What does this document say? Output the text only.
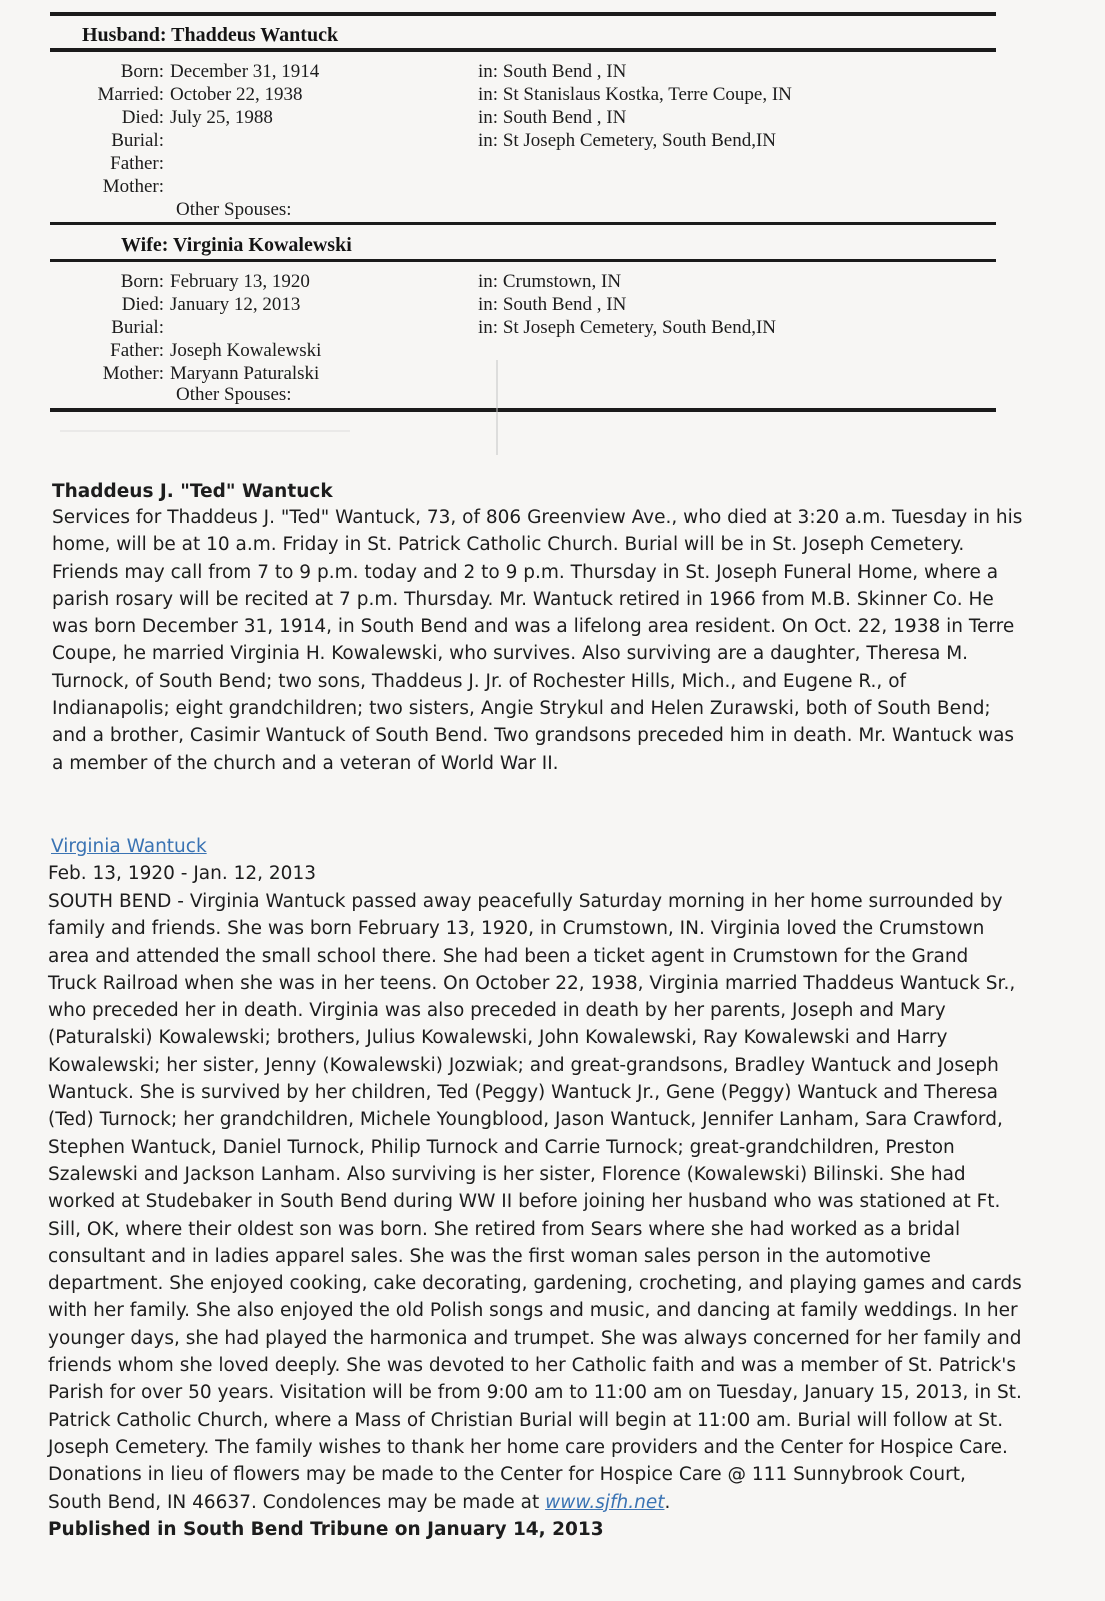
Husband: Thaddeus Wantuck
Born: December 31, 1914	in: South Bend , IN
Married: October 22, 1938	in: St Stanislaus Kostka, Terre Coupe, IN
Died: July 25, 1988	in: South Bend , IN
Burial:	in: St Joseph Cemetery, South Bend,IN
Father:
Mother:
Other Spouses:
Wife: Virginia Kowalewski
Born: February 13, 1920	in: Crumstown, IN
Died: January 12, 2013	in: South Bend , IN
Burial:	in: St Joseph Cemetery, South Bend,IN
Father: Joseph Kowalewski
Mother: Maryann Paturalski
Other Spouses:
Thaddeus J. "Ted" Wantuck
Services for Thaddeus J. "Ted" Wantuck, 73, of 806 Greenview Ave., who died at 3:20 a.m. Tuesday in his
home, will be at 10 a.m. Friday in St. Patrick Catholic Church. Burial will be in St. Joseph Cemetery.
Friends may call from 7 to 9 p.m. today and 2 to 9 p.m. Thursday in St. Joseph Funeral Home, where a
parish rosary will be recited at 7 p.m. Thursday. Mr. Wantuck retired in 1966 from M.B. Skinner Co. He
was born December 31, 1914, in South Bend and was a lifelong area resident. On Oct. 22, 1938 in Terre
Coupe, he married Virginia H. Kowalewski, who survives. Also surviving are a daughter, Theresa M.
Turnock, of South Bend; two sons, Thaddeus J. Jr. of Rochester Hills, Mich., and Eugene R., of
Indianapolis; eight grandchildren; two sisters, Angie Strykul and Helen Zurawski, both of South Bend;
and a brother, Casimir Wantuck of South Bend. Two grandsons preceded him in death. Mr. Wantuck was
a member of the church and a veteran of World War II.
Virginia Wantuck
Feb. 13, 1920 - Jan. 12, 2013
SOUTH BEND - Virginia Wantuck passed away peacefully Saturday morning in her home surrounded by
family and friends. She was born February 13, 1920, in Crumstown, IN. Virginia loved the Crumstown
area and attended the small school there. She had been a ticket agent in Crumstown for the Grand
Truck Railroad when she was in her teens. On October 22, 1938, Virginia married Thaddeus Wantuck Sr.,
who preceded her in death. Virginia was also preceded in death by her parents, Joseph and Mary
(Paturalski) Kowalewski; brothers, Julius Kowalewski, John Kowalewski, Ray Kowalewski and Harry
Kowalewski; her sister, Jenny (Kowalewski) Jozwiak; and great-grandsons, Bradley Wantuck and Joseph
Wantuck. She is survived by her children, Ted (Peggy) Wantuck Jr., Gene (Peggy) Wantuck and Theresa
(Ted) Turnock; her grandchildren, Michele Youngblood, Jason Wantuck, Jennifer Lanham, Sara Crawford,
Stephen Wantuck, Daniel Turnock, Philip Turnock and Carrie Turnock; great-grandchildren, Preston
Szalewski and Jackson Lanham. Also surviving is her sister, Florence (Kowalewski) Bilinski. She had
worked at Studebaker in South Bend during WW II before joining her husband who was stationed at Ft.
Sill, OK, where their oldest son was born. She retired from Sears where she had worked as a bridal
consultant and in ladies apparel sales. She was the first woman sales person in the automotive
department. She enjoyed cooking, cake decorating, gardening, crocheting, and playing games and cards
with her family. She also enjoyed the old Polish songs and music, and dancing at family weddings. In her
younger days, she had played the harmonica and trumpet. She was always concerned for her family and
friends whom she loved deeply. She was devoted to her Catholic faith and was a member of St. Patrick's
Parish for over 50 years. Visitation will be from 9:00 am to 11:00 am on Tuesday, January 15, 2013, in St.
Patrick Catholic Church, where a Mass of Christian Burial will begin at 11:00 am. Burial will follow at St.
Joseph Cemetery. The family wishes to thank her home care providers and the Center for Hospice Care.
Donations in lieu of flowers may be made to the Center for Hospice Care @ 111 Sunnybrook Court,
South Bend, IN 46637. Condolences may be made at www.sjfh.net.
Published in South Bend Tribune on January 14, 2013
